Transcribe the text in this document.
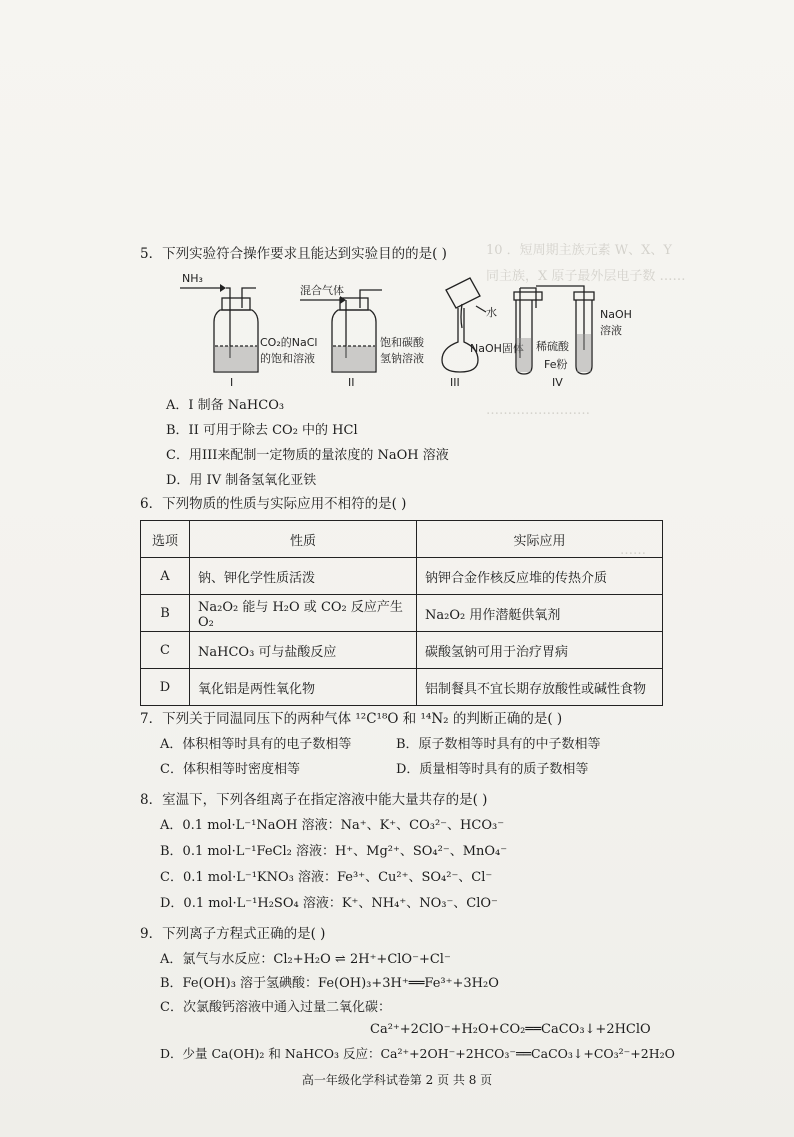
10 ．短周期主族元素 W、X、Y
同主族，X 原子最外层电子数 ……
……………………
……
5．下列实验符合操作要求且能达到实验目的的是( )
NH₃
CO₂的NaCl
的饱和溶液
I
混合气体
饱和碳酸
氢钠溶液
II
水
NaOH固体
III
稀硫酸
Fe粉
NaOH
溶液
IV
A．I 制备 NaHCO₃
B．II 可用于除去 CO₂ 中的 HCl
C．用III来配制一定物质的量浓度的 NaOH 溶液
D．用 IV 制备氢氧化亚铁
6．下列物质的性质与实际应用不相符的是( )
选项	性质	实际应用
A	钠、钾化学性质活泼	钠钾合金作核反应堆的传热介质
B	Na₂O₂ 能与 H₂O 或 CO₂ 反应产生 O₂	Na₂O₂ 用作潜艇供氧剂
C	NaHCO₃ 可与盐酸反应	碳酸氢钠可用于治疗胃病
D	氧化铝是两性氧化物	铝制餐具不宜长期存放酸性或碱性食物
7．下列关于同温同压下的两种气体 ¹²C¹⁸O 和 ¹⁴N₂ 的判断正确的是( )
A．体积相等时具有的电子数相等	B．原子数相等时具有的中子数相等
C．体积相等时密度相等	D．质量相等时具有的质子数相等
8．室温下，下列各组离子在指定溶液中能大量共存的是( )
A．0.1 mol·L⁻¹NaOH 溶液：Na⁺、K⁺、CO₃²⁻、HCO₃⁻
B．0.1 mol·L⁻¹FeCl₂ 溶液：H⁺、Mg²⁺、SO₄²⁻、MnO₄⁻
C．0.1 mol·L⁻¹KNO₃ 溶液：Fe³⁺、Cu²⁺、SO₄²⁻、Cl⁻
D．0.1 mol·L⁻¹H₂SO₄ 溶液：K⁺、NH₄⁺、NO₃⁻、ClO⁻
9．下列离子方程式正确的是( )
A．氯气与水反应：Cl₂+H₂O ⇌ 2H⁺+ClO⁻+Cl⁻
B．Fe(OH)₃ 溶于氢碘酸：Fe(OH)₃+3H⁺══Fe³⁺+3H₂O
C．次氯酸钙溶液中通入过量二氧化碳：
Ca²⁺+2ClO⁻+H₂O+CO₂══CaCO₃↓+2HClO
D．少量 Ca(OH)₂ 和 NaHCO₃ 反应：Ca²⁺+2OH⁻+2HCO₃⁻══CaCO₃↓+CO₃²⁻+2H₂O
高一年级化学科试卷第 2 页 共 8 页
